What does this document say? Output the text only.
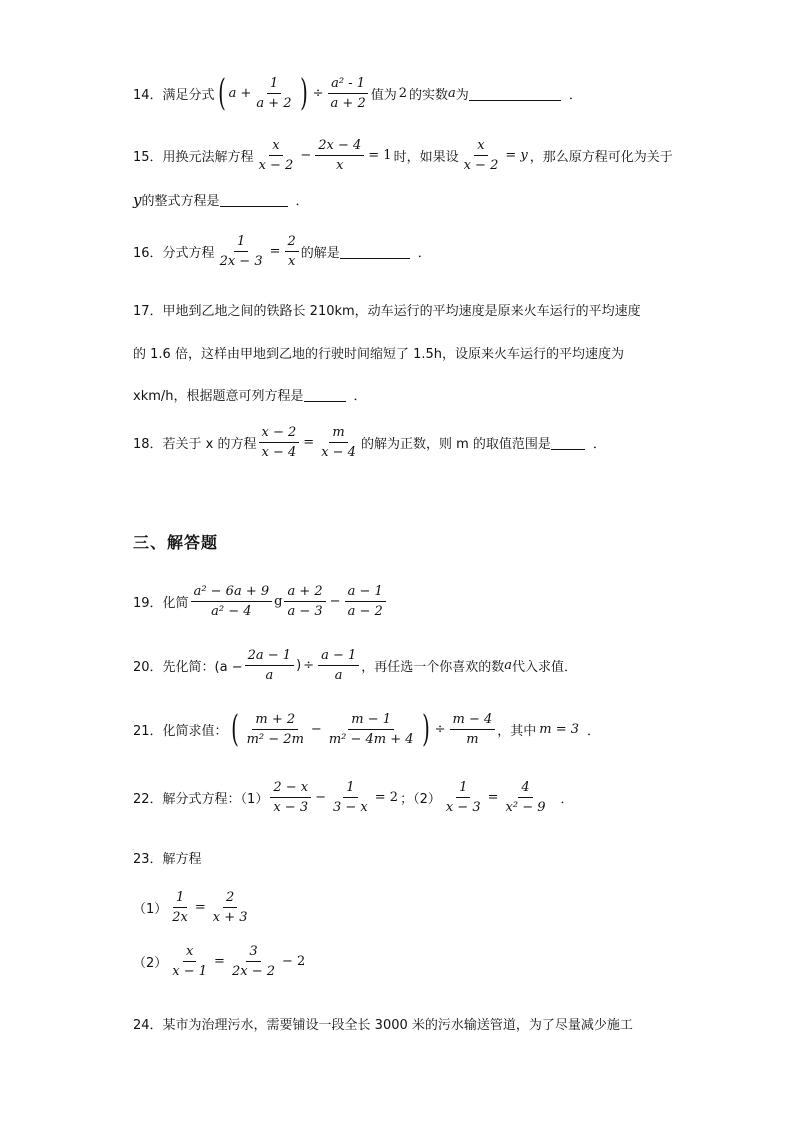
14． 满足分式 ( $a + \frac{1}{a + 2}$ ) ÷ $\frac{\text{a² - 1}}{a + 2}$ 值为 2 的实数 a 为	．
15． 用换元法解方程
x
x − 2
− $\frac{2x - 4}{x} = 1$ 时，如果设 $\frac{x}{x - 2} = y$ ，那么原方程可化为关于
y 的整式方程是	．
16． 分式方程 $\frac{1}{2x - 3} = \frac{2}{x}$ 的解是	．
17．甲地到乙地之间的铁路长 210km，动车运行的平均速度是原来火车运行的平均速度
的 1.6 倍，这样由甲地到乙地的行驶时间缩短了 1.5h，设原来火车运行的平均速度为
xkm/h，根据题意可列方程是	．
18． 若关于 x 的方程 $\frac{x - 2}{x - 4} = \frac{m}{x - 4}$ 的解为正数，则 m 的取值范围是	．
三、解答题
19． 化简
a² − 6a + 9
a² − 4
g
a + 2
a − 3
− $\frac{a - 1}{a - 2}$
20． 先化简：($a - \frac{2a - 1}{a}$ ) ÷ $\frac{a - 1}{a}$ ，再任选一个你喜欢的数 a 代入求值．
21． 化简求值： ( m + 2
m² − 2m
− $\frac{m - 1}{\text{m² − 4m + 4}}$ ) ÷ $\frac{m - 4}{m}$ ，其中 m = 3 ．
22． 解分式方程：（1）
2 − x
x − 3
− $\frac{1}{3 - x} = 2$ ；$(2) \frac{1}{x - 3} = \frac{4}{\text{x² − 9}}$ ．
23．解方程
$(1) \frac{1}{2x} = \frac{2}{x + 3}$
$(2) \frac{x}{x - 1} = \frac{3}{2x - 2} - 2$
24．某市为治理污水，需要铺设一段全长 3000 米的污水输送管道，为了尽量减少施工
